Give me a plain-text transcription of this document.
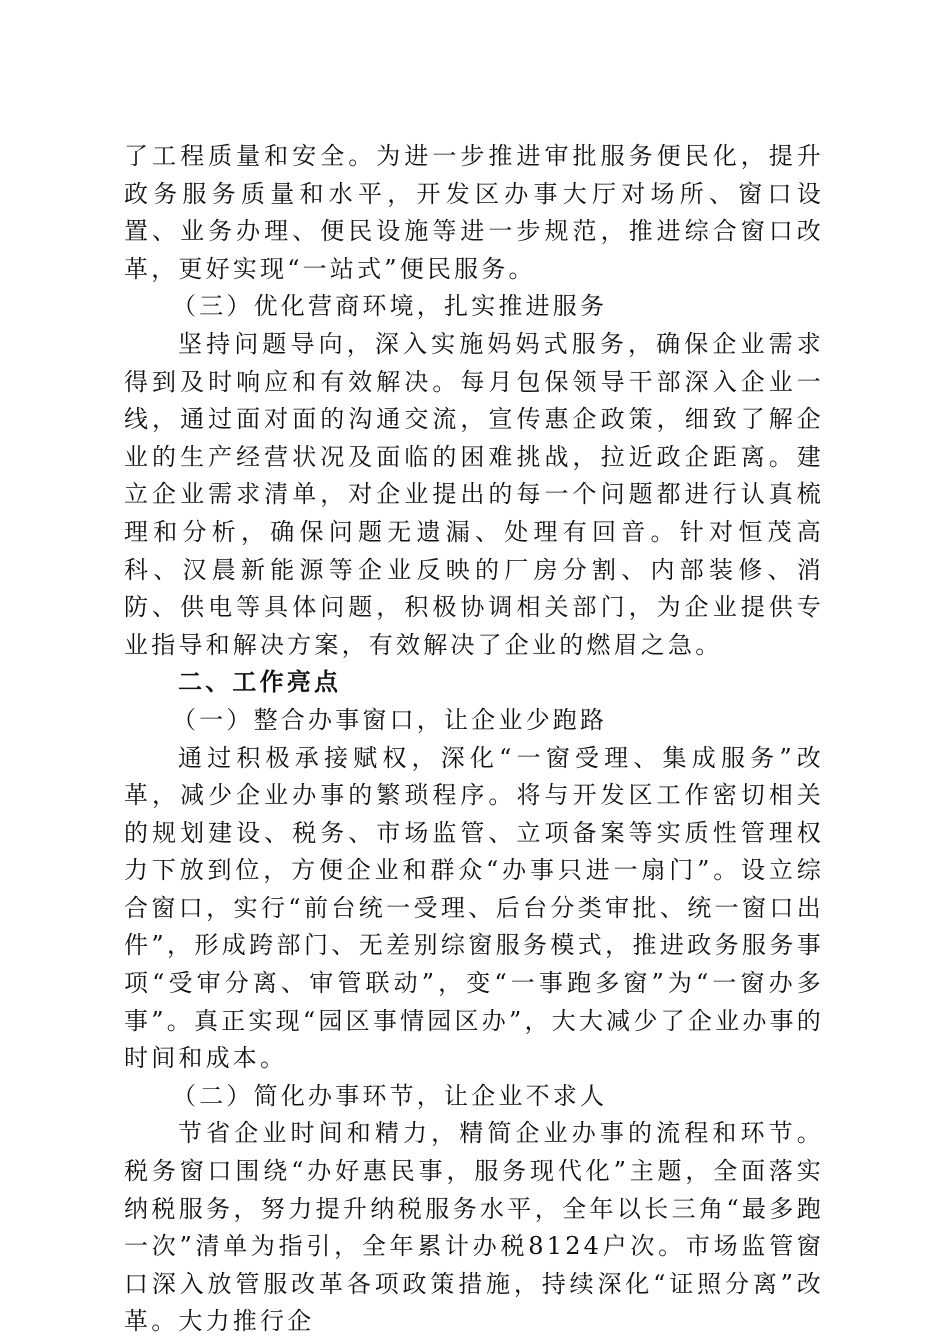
了工程质量和安全。为进一步推进审批服务便民化，提升政务服务质量和水平，开发区办事大厅对场所、窗口设置、业务办理、便民设施等进一步规范，推进综合窗口改革，更好实现“一站式”便民服务。

（三）优化营商环境，扎实推进服务

坚持问题导向，深入实施妈妈式服务，确保企业需求得到及时响应和有效解决。每月包保领导干部深入企业一线，通过面对面的沟通交流，宣传惠企政策，细致了解企业的生产经营状况及面临的困难挑战，拉近政企距离。建立企业需求清单，对企业提出的每一个问题都进行认真梳理和分析，确保问题无遗漏、处理有回音。针对恒茂高科、汉晨新能源等企业反映的厂房分割、内部装修、消防、供电等具体问题，积极协调相关部门，为企业提供专业指导和解决方案，有效解决了企业的燃眉之急。

二、工作亮点

（一）整合办事窗口，让企业少跑路

通过积极承接赋权，深化“一窗受理、集成服务”改革，减少企业办事的繁琐程序。将与开发区工作密切相关的规划建设、税务、市场监管、立项备案等实质性管理权力下放到位，方便企业和群众“办事只进一扇门”。设立综合窗口，实行“前台统一受理、后台分类审批、统一窗口出件”，形成跨部门、无差别综窗服务模式，推进政务服务事项“受审分离、审管联动”，变“一事跑多窗”为“一窗办多事”。真正实现“园区事情园区办”，大大减少了企业办事的时间和成本。

（二）简化办事环节，让企业不求人

节省企业时间和精力，精简企业办事的流程和环节。税务窗口围绕“办好惠民事，服务现代化”主题，全面落实纳税服务，努力提升纳税服务水平，全年以长三角“最多跑一次”清单为指引，全年累计办税8124户次。市场监管窗口深入放管服改革各项政策措施，持续深化“证照分离”改革。大力推行企
